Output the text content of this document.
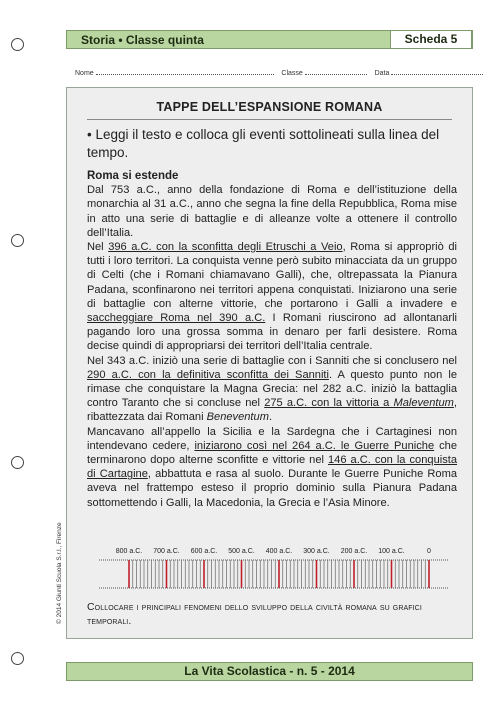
Storia • Classe quinta	Scheda 5
Nome	Classe	Data
TAPPE DELL’ESPANSIONE ROMANA
• Leggi il testo e colloca gli eventi sottolineati sulla linea del tempo.

Roma si estende

Dal 753 a.C., anno della fondazione di Roma e dell’istituzione della monarchia al 31 a.C., anno che segna la fine della Repubblica, Roma mise in atto una serie di battaglie e di alleanze volte a ottenere il controllo dell’Italia.

Nel 396 a.C. con la sconfitta degli Etruschi a Veio, Roma si appropriò di tutti i loro territori. La conquista venne però subito minacciata da un gruppo di Celti (che i Romani chiamavano Galli), che, oltrepassata la Pianura Padana, sconfinarono nei territori appena conquistati. Iniziarono una serie di battaglie con alterne vittorie, che portarono i Galli a invadere e saccheggiare Roma nel 390 a.C. I Romani riuscirono ad allontanarli pagando loro una grossa somma in denaro per farli desistere. Roma decise quindi di appropriarsi dei territori dell’Italia centrale.

Nel 343 a.C. iniziò una serie di battaglie con i Sanniti che si conclusero nel 290 a.C. con la definitiva sconfitta dei Sanniti. A questo punto non le rimase che conquistare la Magna Grecia: nel 282 a.C. iniziò la battaglia contro Taranto che si concluse nel 275 a.C. con la vittoria a Maleventum, ribattezzata dai Romani Beneventum.

Mancavano all’appello la Sicilia e la Sardegna che i Cartaginesi non intendevano cedere, iniziarono così nel 264 a.C. le Guerre Puniche che terminarono dopo alterne sconfitte e vittorie nel 146 a.C. con la conquista di Cartagine, abbattuta e rasa al suolo. Durante le Guerre Puniche Roma aveva nel frattempo esteso il proprio dominio sulla Pianura Padana sottomettendo i Galli, la Macedonia, la Grecia e l’Asia Minore.

800 a.C. 700 a.C. 600 a.C. 500 a.C. 400 a.C. 300 a.C. 200 a.C. 100 a.C.	0
Collocare i principali fenomeni dello sviluppo della civiltà romana su grafici temporali.
© 2014 Giunti Scuola S.r.l., Firenze
La Vita Scolastica - n. 5 - 2014
